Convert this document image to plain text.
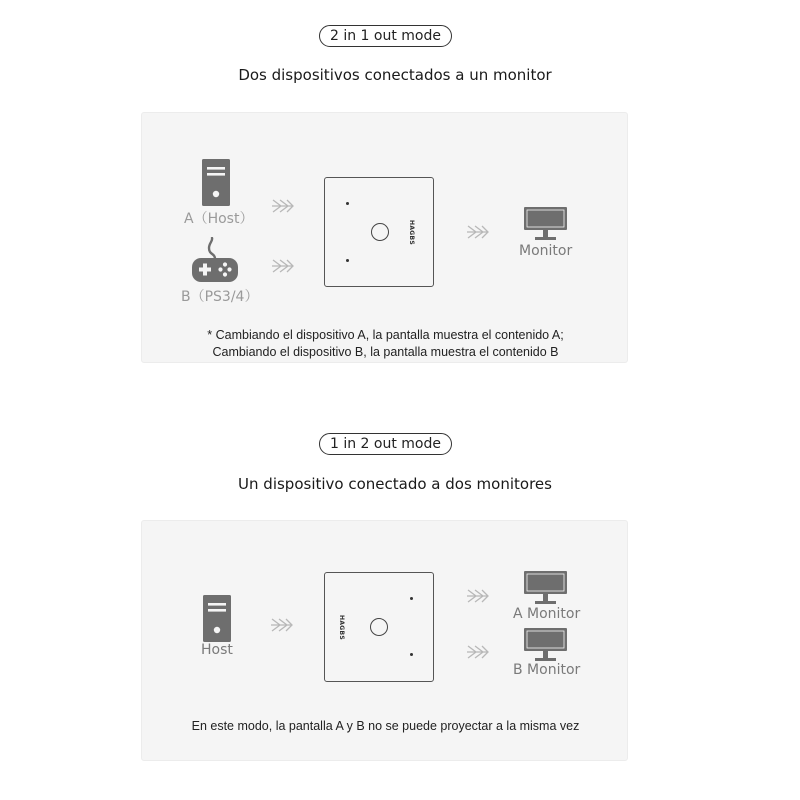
2 in 1 out mode
Dos dispositivos conectados a un monitor
A（Host）
B（PS3/4）
HAGBS
Monitor
* Cambiando el dispositivo A, la pantalla muestra el contenido A;
Cambiando el dispositivo B, la pantalla muestra el contenido B
1 in 2 out mode
Un dispositivo conectado a dos monitores
Host
HAGBS
A Monitor
B Monitor
En este modo, la pantalla A y B no se puede proyectar a la misma vez
